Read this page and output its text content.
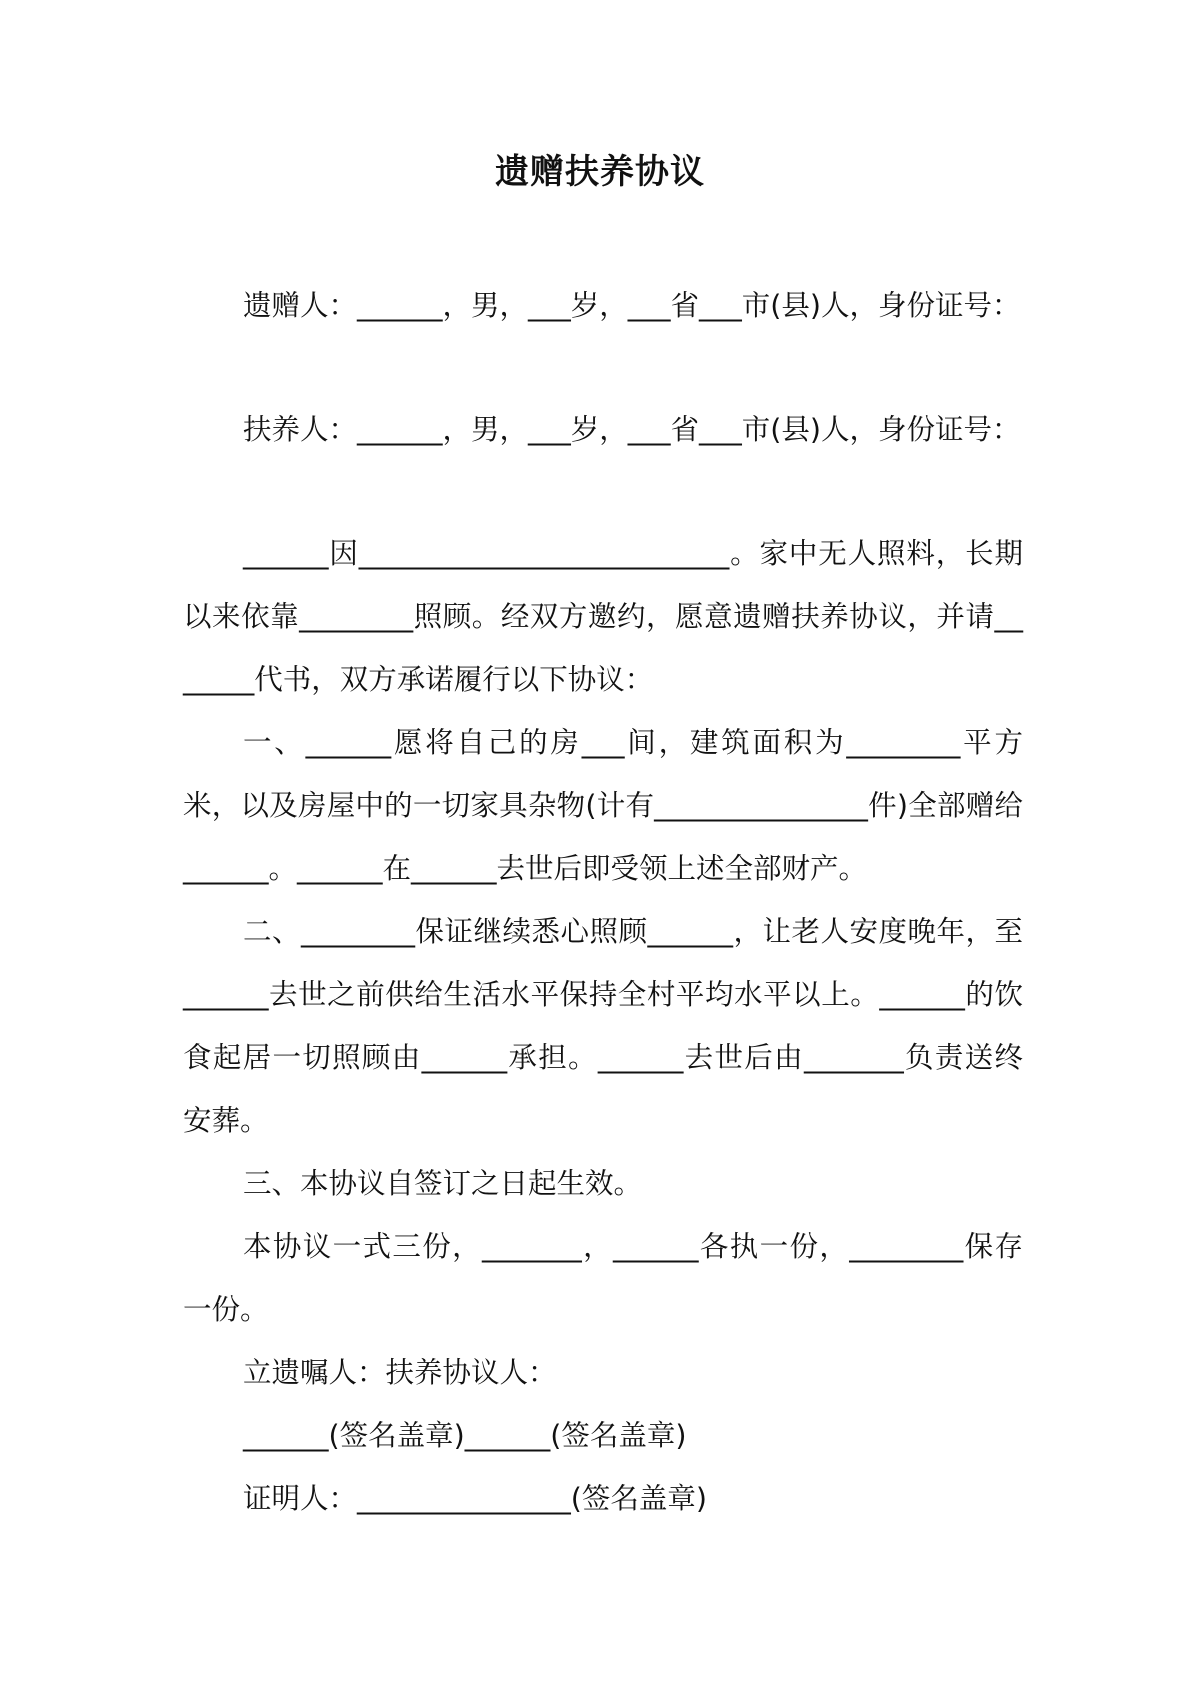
遗赠扶养协议
遗赠人：______，男，___岁，___省___市(县)人，身份证号：
扶养人：______，男，___岁，___省___市(县)人，身份证号：

______因__________________________。家中无人照料，长期以来依靠________照顾。经双方邀约，愿意遗赠扶养协议，并请_______代书，双方承诺履行以下协议：

一、______愿将自己的房___间，建筑面积为________平方米，以及房屋中的一切家具杂物(计有_______________件)全部赠给______。______在______去世后即受领上述全部财产。

二、________保证继续悉心照顾______，让老人安度晚年，至______去世之前供给生活水平保持全村平均水平以上。______的饮食起居一切照顾由______承担。______去世后由_______负责送终安葬。

三、本协议自签订之日起生效。

本协议一式三份，_______，______各执一份，________保存一份。

立遗嘱人：扶养协议人：

______(签名盖章)______(签名盖章)

证明人：_______________(签名盖章)
